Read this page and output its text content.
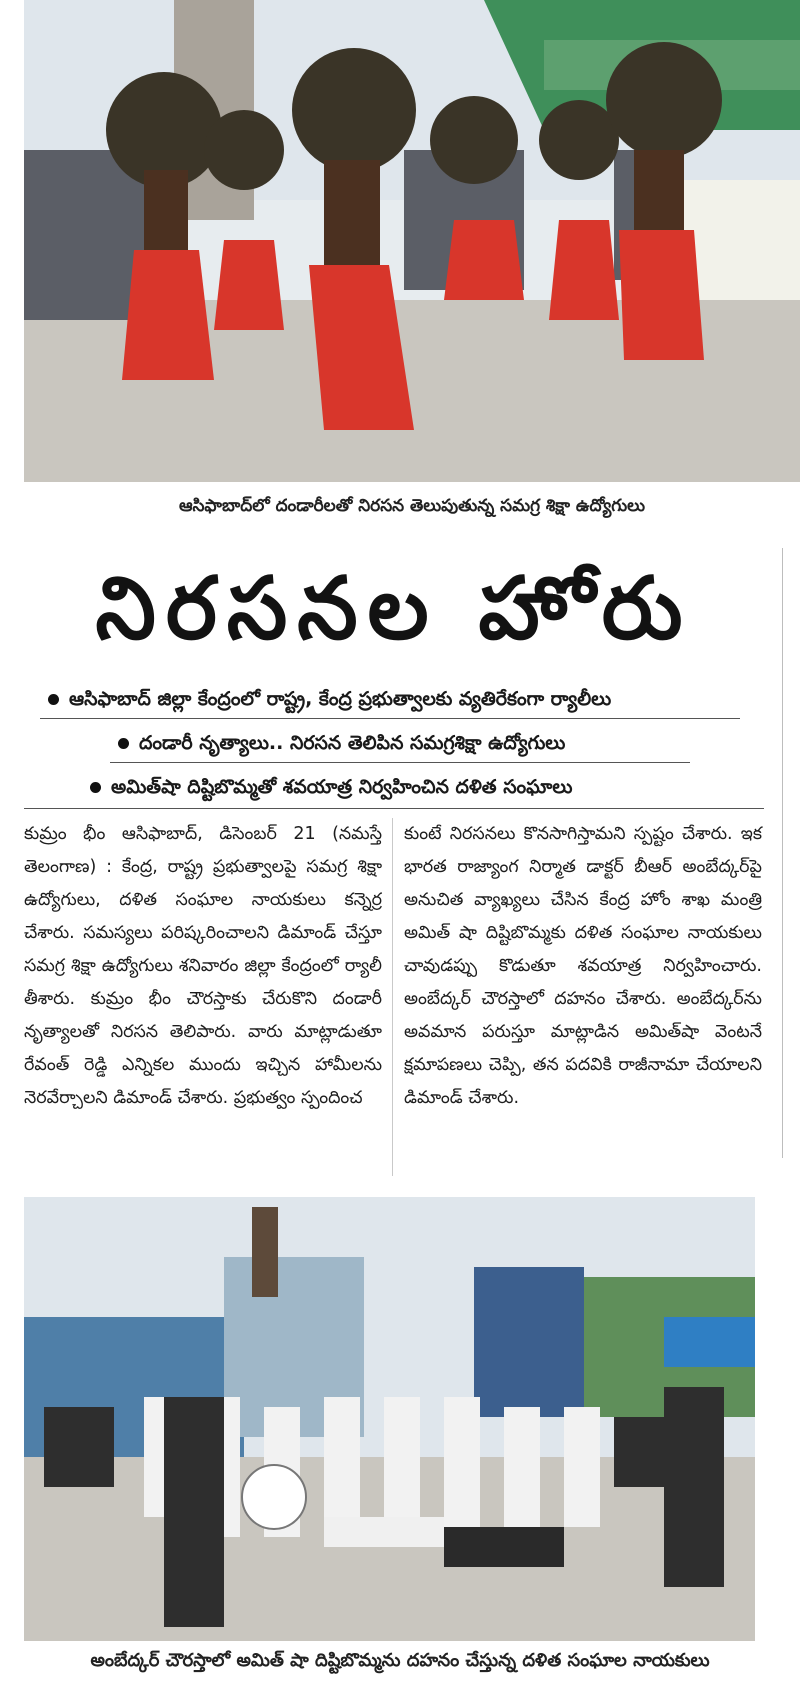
ఆసిఫాబాద్‌లో దండారీలతో నిరసన తెలుపుతున్న సమగ్ర శిక్షా ఉద్యోగులు
నిరసనల హోరు
ఆసిఫాబాద్ జిల్లా కేంద్రంలో రాష్ట్ర, కేంద్ర ప్రభుత్వాలకు వ్యతిరేకంగా ర్యాలీలు
దండారీ నృత్యాలు.. నిరసన తెలిపిన సమగ్రశిక్షా ఉద్యోగులు
అమిత్‌షా దిష్టిబొమ్మతో శవయాత్ర నిర్వహించిన దళిత సంఘాలు
కుమ్రం భీం ఆసిఫాబాద్, డిసెంబర్ 21 (నమస్తే తెలంగాణ) : కేంద్ర, రాష్ట్ర ప్రభుత్వాలపై సమగ్ర శిక్షా ఉద్యోగులు, దళిత సంఘాల నాయకులు కన్నెర్ర చేశారు. సమస్యలు పరిష్కరించాలని డిమాండ్ చేస్తూ సమగ్ర శిక్షా ఉద్యోగులు శనివారం జిల్లా కేంద్రంలో ర్యాలీ తీశారు. కుమ్రం భీం చౌరస్తాకు చేరుకొని దండారీ నృత్యాలతో నిరసన తెలిపారు. వారు మాట్లాడుతూ రేవంత్ రెడ్డి ఎన్నికల ముందు ఇచ్చిన హామీలను నెరవేర్చాలని డిమాండ్ చేశారు. ప్రభుత్వం స్పందించ
కుంటే నిరసనలు కొనసాగిస్తామని స్పష్టం చేశారు. ఇక భారత రాజ్యాంగ నిర్మాత డాక్టర్ బీఆర్ అంబేద్కర్‌పై అనుచిత వ్యాఖ్యలు చేసిన కేంద్ర హోం శాఖ మంత్రి అమిత్ షా దిష్టిబొమ్మకు దళిత సంఘాల నాయకులు చావుడప్పు కొడుతూ శవయాత్ర నిర్వహించారు. అంబేద్కర్ చౌరస్తాలో దహనం చేశారు. అంబేద్కర్‌ను అవమాన పరుస్తూ మాట్లాడిన అమిత్‌షా వెంటనే క్షమాపణలు చెప్పి, తన పదవికి రాజీనామా చేయాలని డిమాండ్ చేశారు.
అంబేద్కర్ చౌరస్తాలో అమిత్ షా దిష్టిబొమ్మను దహనం చేస్తున్న దళిత సంఘాల నాయకులు
